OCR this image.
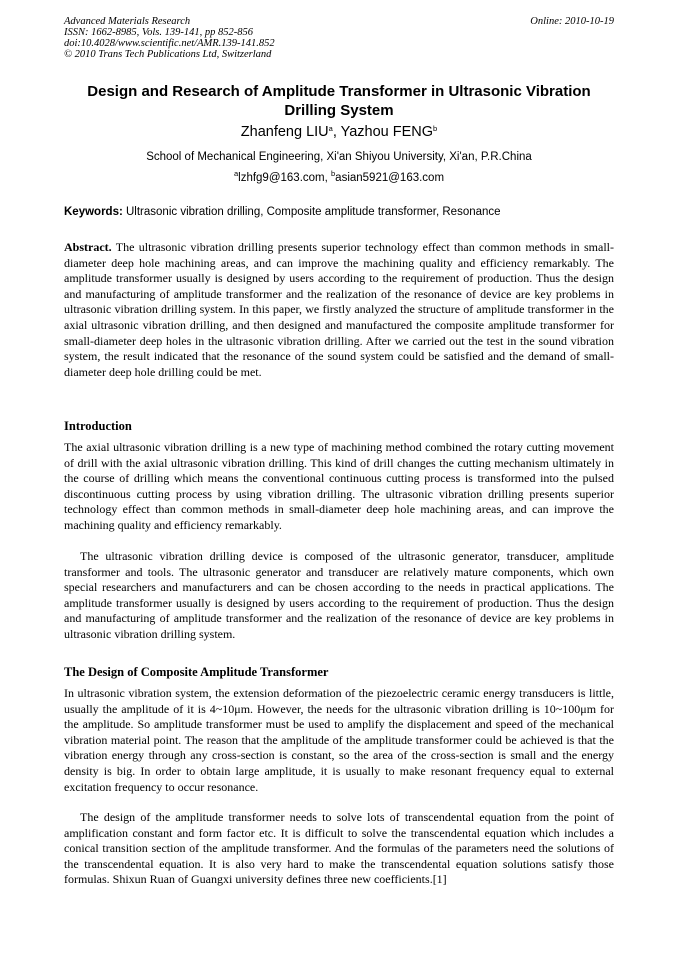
Advanced Materials Research
ISSN: 1662-8985, Vols. 139-141, pp 852-856
doi:10.4028/www.scientific.net/AMR.139-141.852
© 2010 Trans Tech Publications Ltd, Switzerland
Online: 2010-10-19
Design and Research of Amplitude Transformer in Ultrasonic Vibration Drilling System
Zhanfeng LIU$^a$, Yazhou FENG$^b$
School of Mechanical Engineering, Xi'an Shiyou University, Xi'an, P.R.China
$^a$lzhfg9@163.com, $^b$asian5921@163.com
Keywords: Ultrasonic vibration drilling, Composite amplitude transformer, Resonance

Abstract. The ultrasonic vibration drilling presents superior technology effect than common methods in small-diameter deep hole machining areas, and can improve the machining quality and efficiency remarkably. The amplitude transformer usually is designed by users according to the requirement of production. Thus the design and manufacturing of amplitude transformer and the realization of the resonance of device are key problems in ultrasonic vibration drilling system. In this paper, we firstly analyzed the structure of amplitude transformer in the axial ultrasonic vibration drilling, and then designed and manufactured the composite amplitude transformer for small-diameter deep holes in the ultrasonic vibration drilling. After we carried out the test in the sound vibration system, the result indicated that the resonance of the sound system could be satisfied and the demand of small-diameter deep hole drilling could be met.

Introduction

The axial ultrasonic vibration drilling is a new type of machining method combined the rotary cutting movement of drill with the axial ultrasonic vibration drilling. This kind of drill changes the cutting mechanism ultimately in the course of drilling which means the conventional continuous cutting process is transformed into the pulsed discontinuous cutting process by using vibration drilling. The ultrasonic vibration drilling presents superior technology effect than common methods in small-diameter deep hole machining areas, and can improve the machining quality and efficiency remarkably.

The ultrasonic vibration drilling device is composed of the ultrasonic generator, transducer, amplitude transformer and tools. The ultrasonic generator and transducer are relatively mature components, which own special researchers and manufacturers and can be chosen according to the needs in practical applications. The amplitude transformer usually is designed by users according to the requirement of production. Thus the design and manufacturing of amplitude transformer and the realization of the resonance of device are key problems in ultrasonic vibration drilling system.

The Design of Composite Amplitude Transformer

In ultrasonic vibration system, the extension deformation of the piezoelectric ceramic energy transducers is little, usually the amplitude of it is 4~10μm. However, the needs for the ultrasonic vibration drilling is 10~100μm for the amplitude. So amplitude transformer must be used to amplify the displacement and speed of the mechanical vibration material point. The reason that the amplitude of the amplitude transformer could be achieved is that the vibration energy through any cross-section is constant, so the area of the cross-section is small and the energy density is big. In order to obtain large amplitude, it is usually to make resonant frequency equal to external excitation frequency to occur resonance.

The design of the amplitude transformer needs to solve lots of transcendental equation from the point of amplification constant and form factor etc. It is difficult to solve the transcendental equation which includes a conical transition section of the amplitude transformer. And the formulas of the parameters need the solutions of the transcendental equation. It is also very hard to make the transcendental equation solutions satisfy those formulas. Shixun Ruan of Guangxi university defines three new coefficients.[1]
